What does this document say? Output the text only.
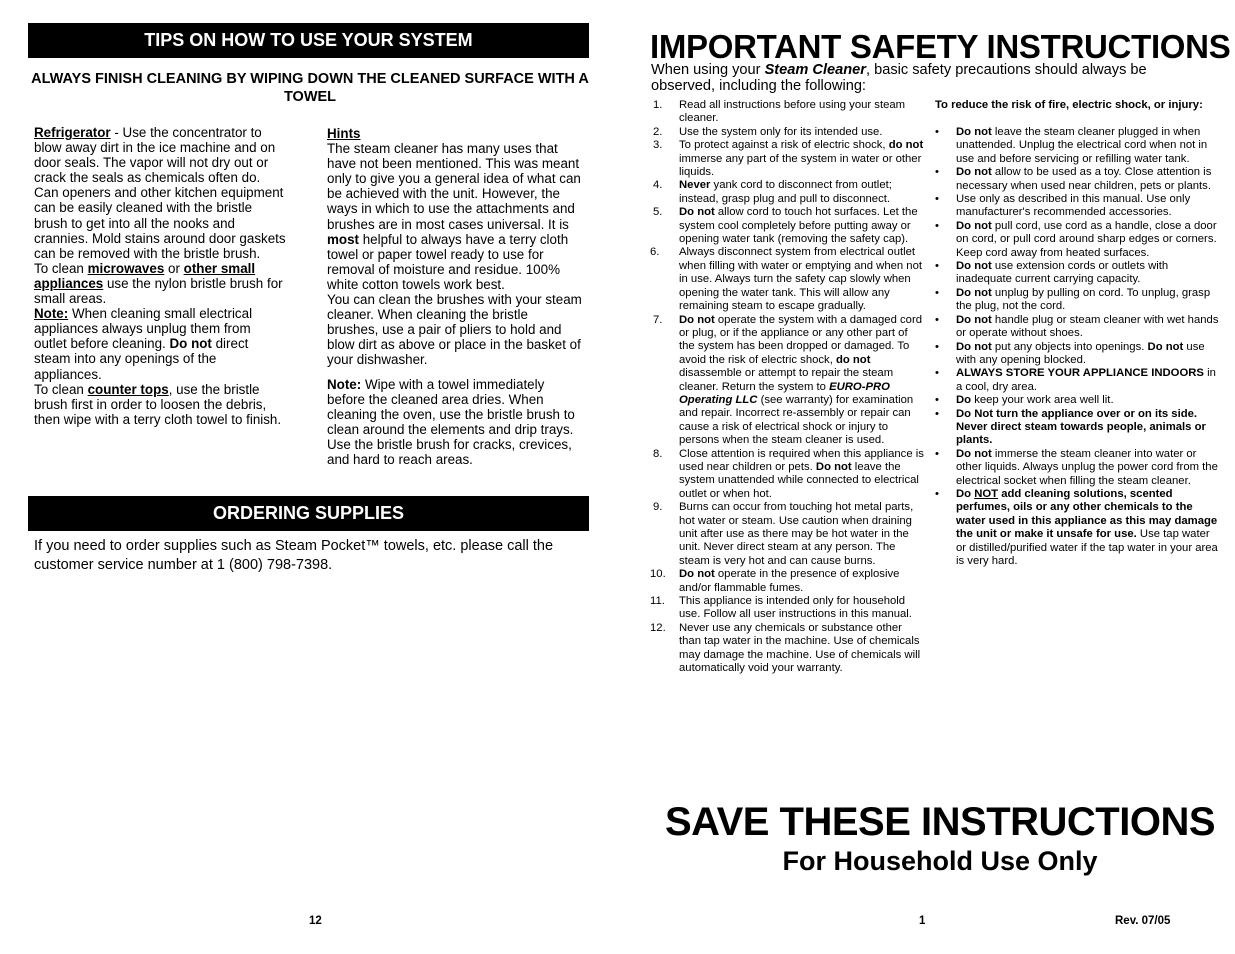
TIPS ON HOW TO USE YOUR SYSTEM
ALWAYS FINISH CLEANING BY WIPING DOWN THE CLEANED SURFACE WITH A TOWEL

Refrigerator - Use the concentrator to blow away dirt in the ice machine and on door seals. The vapor will not dry out or crack the seals as chemicals often do. Can openers and other kitchen equipment can be easily cleaned with the bristle brush to get into all the nooks and crannies. Mold stains around door gaskets can be removed with the bristle brush.

To clean microwaves or other small appliances use the nylon bristle brush for small areas.

Note: When cleaning small electrical appliances always unplug them from outlet before cleaning. Do not direct steam into any openings of the appliances.

To clean counter tops, use the bristle brush first in order to loosen the debris, then wipe with a terry cloth towel to finish.

Hints

The steam cleaner has many uses that have not been mentioned. This was meant only to give you a general idea of what can be achieved with the unit. However, the ways in which to use the attachments and brushes are in most cases universal. It is most helpful to always have a terry cloth towel or paper towel ready to use for removal of moisture and residue. 100% white cotton towels work best.

You can clean the brushes with your steam cleaner. When cleaning the bristle brushes, use a pair of pliers to hold and blow dirt as above or place in the basket of your dishwasher.

Note: Wipe with a towel immediately before the cleaned area dries. When cleaning the oven, use the bristle brush to clean around the elements and drip trays. Use the bristle brush for cracks, crevices, and hard to reach areas.

ORDERING SUPPLIES
If you need to order supplies such as Steam Pocket™ towels, etc. please call the customer service number at 1 (800) 798-7398.
12
IMPORTANT SAFETY INSTRUCTIONS
When using your Steam Cleaner, basic safety precautions should always be observed, including the following:
1.	Read all instructions before using your steam cleaner.
2.	Use the system only for its intended use.
3.	To protect against a risk of electric shock, do not immerse any part of the system in water or other liquids.
4.	Never yank cord to disconnect from outlet; instead, grasp plug and pull to disconnect.
5.	Do not allow cord to touch hot surfaces. Let the system cool completely before putting away or opening water tank (removing the safety cap).
6.	Always disconnect system from electrical outlet when filling with water or emptying and when not in use. Always turn the safety cap slowly when opening the water tank. This will allow any remaining steam to escape gradually.
7.	Do not operate the system with a damaged cord or plug, or if the appliance or any other part of the system has been dropped or damaged. To avoid the risk of electric shock, do not disassemble or attempt to repair the steam cleaner. Return the system to EURO-PRO Operating LLC (see warranty) for examination and repair. Incorrect re-assembly or repair can cause a risk of electrical shock or injury to persons when the steam cleaner is used.
8.	Close attention is required when this appliance is used near children or pets. Do not leave the system unattended while connected to electrical outlet or when hot.
9.	Burns can occur from touching hot metal parts, hot water or steam. Use caution when draining unit after use as there may be hot water in the unit. Never direct steam at any person. The steam is very hot and can cause burns.
10.	Do not operate in the presence of explosive and/or flammable fumes.
11.	This appliance is intended only for household use. Follow all user instructions in this manual.
12.	Never use any chemicals or substance other than tap water in the machine. Use of chemicals may damage the machine. Use of chemicals will automatically void your warranty.
To reduce the risk of fire, electric shock, or injury:
•	Do not leave the steam cleaner plugged in when unattended. Unplug the electrical cord when not in use and before servicing or refilling water tank.
•	Do not allow to be used as a toy. Close attention is necessary when used near children, pets or plants.
•	Use only as described in this manual. Use only manufacturer's recommended accessories.
•	Do not pull cord, use cord as a handle, close a door on cord, or pull cord around sharp edges or corners. Keep cord away from heated surfaces.
•	Do not use extension cords or outlets with inadequate current carrying capacity.
•	Do not unplug by pulling on cord. To unplug, grasp the plug, not the cord.
•	Do not handle plug or steam cleaner with wet hands or operate without shoes.
•	Do not put any objects into openings. Do not use with any opening blocked.
•	ALWAYS STORE YOUR APPLIANCE INDOORS in a cool, dry area.
•	Do keep your work area well lit.
•	Do Not turn the appliance over or on its side. Never direct steam towards people, animals or plants.
•	Do not immerse the steam cleaner into water or other liquids. Always unplug the power cord from the electrical socket when filling the steam cleaner.
•	Do NOT add cleaning solutions, scented perfumes, oils or any other chemicals to the water used in this appliance as this may damage the unit or make it unsafe for use. Use tap water or distilled/purified water if the tap water in your area is very hard.
SAVE THESE INSTRUCTIONS
For Household Use Only
1	Rev. 07/05
